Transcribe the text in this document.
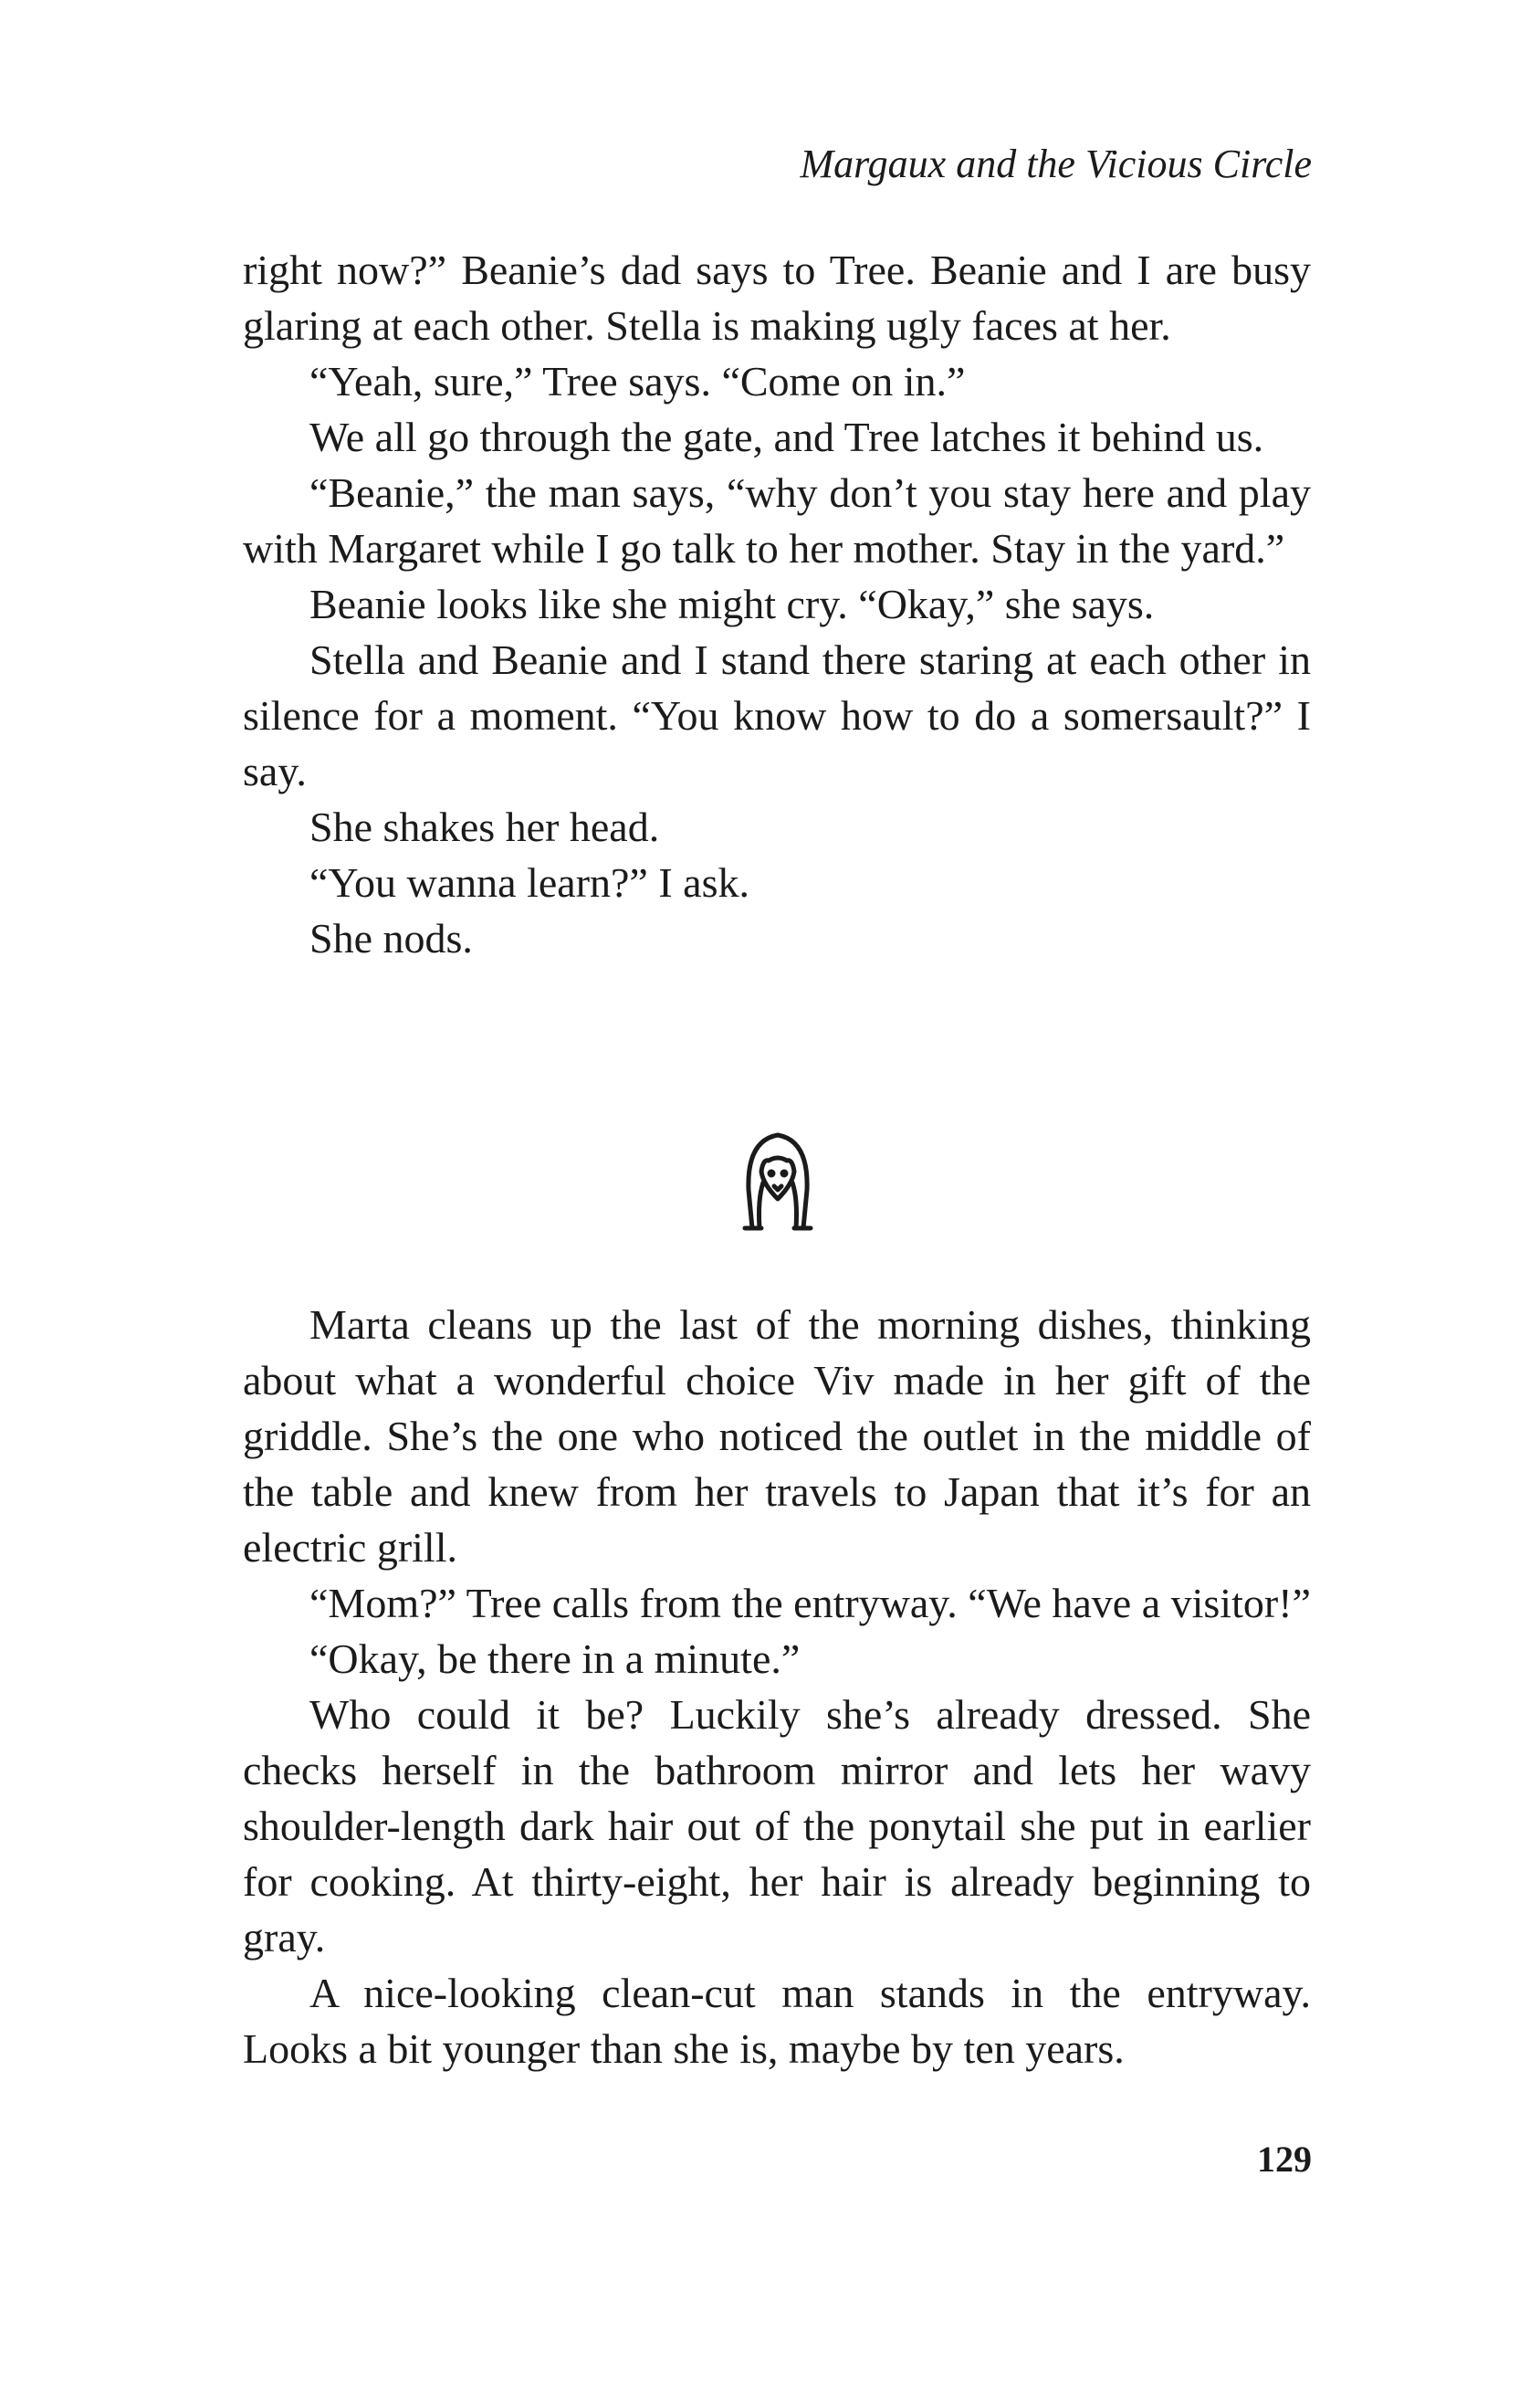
Margaux and the Vicious Circle

right now?” Beanie’s dad says to Tree. Beanie and I are busy glaring at each other. Stella is making ugly faces at her.

“Yeah, sure,” Tree says. “Come on in.”

We all go through the gate, and Tree latches it behind us.

“Beanie,” the man says, “why don’t you stay here and play with Margaret while I go talk to her mother. Stay in the yard.”

Beanie looks like she might cry. “Okay,” she says.

Stella and Beanie and I stand there staring at each other in silence for a moment. “You know how to do a somersault?” I say.

She shakes her head.

“You wanna learn?” I ask.

She nods.

Marta cleans up the last of the morning dishes, thinking about what a wonderful choice Viv made in her gift of the griddle. She’s the one who noticed the outlet in the middle of the table and knew from her travels to Japan that it’s for an electric grill.

“Mom?” Tree calls from the entryway. “We have a visitor!”

“Okay, be there in a minute.”

Who could it be? Luckily she’s already dressed. She checks herself in the bathroom mirror and lets her wavy shoulder-length dark hair out of the ponytail she put in earlier for cooking. At thirty-eight, her hair is already beginning to gray.

A nice-looking clean-cut man stands in the entryway. Looks a bit younger than she is, maybe by ten years.

129
